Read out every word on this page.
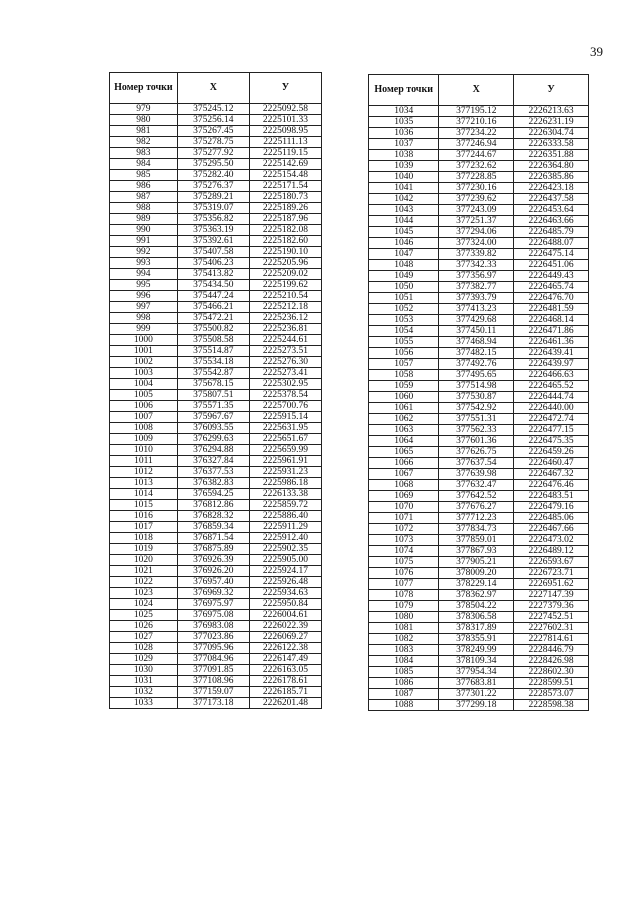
39
Номер точки	X	У
979	375245.12	2225092.58
980	375256.14	2225101.33
981	375267.45	2225098.95
982	375278.75	2225111.13
983	375277.92	2225119.15
984	375295.50	2225142.69
985	375282.40	2225154.48
986	375276.37	2225171.54
987	375289.21	2225180.73
988	375319.07	2225189.26
989	375356.82	2225187.96
990	375363.19	2225182.08
991	375392.61	2225182.60
992	375407.58	2225190.10
993	375406.23	2225205.96
994	375413.82	2225209.02
995	375434.50	2225199.62
996	375447.24	2225210.54
997	375466.21	2225212.18
998	375472.21	2225236.12
999	375500.82	2225236.81
1000	375508.58	2225244.61
1001	375514.87	2225273.51
1002	375534.18	2225276.30
1003	375542.87	2225273.41
1004	375678.15	2225302.95
1005	375807.51	2225378.54
1006	375571.35	2225700.76
1007	375967.67	2225915.14
1008	376093.55	2225631.95
1009	376299.63	2225651.67
1010	376294.88	2225659.99
1011	376327.84	2225961.91
1012	376377.53	2225931.23
1013	376382.83	2225986.18
1014	376594.25	2226133.38
1015	376812.86	2225859.72
1016	376828.32	2225886.40
1017	376859.34	2225911.29
1018	376871.54	2225912.40
1019	376875.89	2225902.35
1020	376926.39	2225905.00
1021	376926.20	2225924.17
1022	376957.40	2225926.48
1023	376969.32	2225934.63
1024	376975.97	2225950.84
1025	376975.08	2226004.61
1026	376983.08	2226022.39
1027	377023.86	2226069.27
1028	377095.96	2226122.38
1029	377084.96	2226147.49
1030	377091.85	2226163.05
1031	377108.96	2226178.61
1032	377159.07	2226185.71
1033	377173.18	2226201.48
Номер точки	X	У
1034	377195.12	2226213.63
1035	377210.16	2226231.19
1036	377234.22	2226304.74
1037	377246.94	2226333.58
1038	377244.67	2226351.88
1039	377232.62	2226364.80
1040	377228.85	2226385.86
1041	377230.16	2226423.18
1042	377239.62	2226437.58
1043	377243.09	2226453.64
1044	377251.37	2226463.66
1045	377294.06	2226485.79
1046	377324.00	2226488.07
1047	377339.82	2226475.14
1048	377342.33	2226451.06
1049	377356.97	2226449.43
1050	377382.77	2226465.74
1051	377393.79	2226476.70
1052	377413.23	2226481.59
1053	377429.68	2226468.14
1054	377450.11	2226471.86
1055	377468.94	2226461.36
1056	377482.15	2226439.41
1057	377492.76	2226439.97
1058	377495.65	2226466.63
1059	377514.98	2226465.52
1060	377530.87	2226444.74
1061	377542.92	2226440.00
1062	377551.31	2226472.74
1063	377562.33	2226477.15
1064	377601.36	2226475.35
1065	377626.75	2226459.26
1066	377637.54	2226460.47
1067	377639.98	2226467.32
1068	377632.47	2226476.46
1069	377642.52	2226483.51
1070	377676.27	2226479.16
1071	377712.23	2226485.06
1072	377834.73	2226467.66
1073	377859.01	2226473.02
1074	377867.93	2226489.12
1075	377905.21	2226593.67
1076	378009.20	2226723.71
1077	378229.14	2226951.62
1078	378362.97	2227147.39
1079	378504.22	2227379.36
1080	378306.58	2227452.51
1081	378317.89	2227602.31
1082	378355.91	2227814.61
1083	378249.99	2228446.79
1084	378109.34	2228426.98
1085	377954.34	2228602.30
1086	377683.81	2228599.51
1087	377301.22	2228573.07
1088	377299.18	2228598.38
